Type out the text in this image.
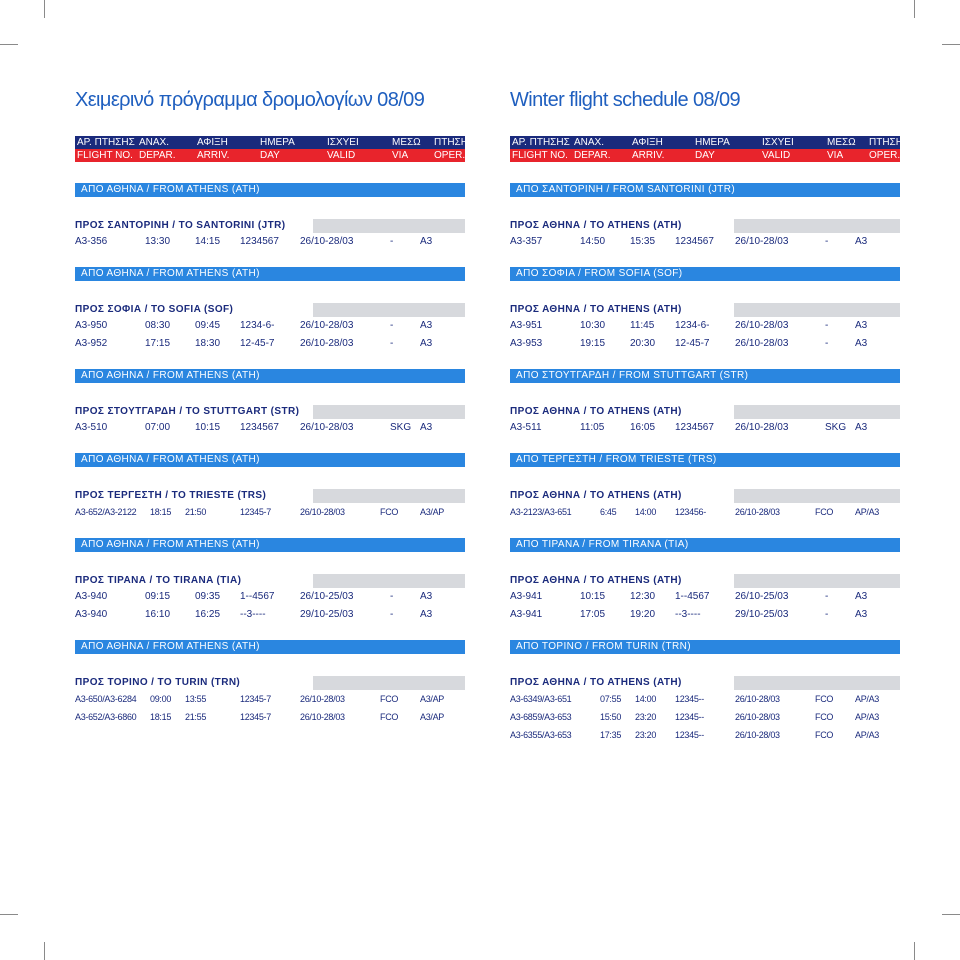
Χειμερινό πρόγραμμα δρομολογίων 08/09
ΑΡ. ΠΤΗΣΗΣ ΑΝΑΧ.	ΑΦΙΞΗ	ΗΜΕΡΑ	ΙΣΧΥΕΙ	ΜΕΣΩ ΠΤΗΣΗ
FLIGHT NO. DEPAR. ARRIV.	DAY	VALID	VIA	OPER.
ΑΠΟ ΑΘΗΝΑ / FROM ATHENS (ATH)
ΠΡΟΣ ΣΑΝΤΟΡΙΝΗ / TO SANTORINI (JTR)
A3-356	13:30 14:15 1234567 26/10-28/03	-	A3
ΑΠΟ ΑΘΗΝΑ / FROM ATHENS (ATH)
ΠΡΟΣ ΣΟΦΙΑ / TO SOFIA (SOF)
A3-950	08:30 09:45 1234-6-	26/10-28/03	-	A3
A3-952	17:15 18:30 12-45-7	26/10-28/03	-	A3
ΑΠΟ ΑΘΗΝΑ / FROM ATHENS (ATH)
ΠΡΟΣ ΣΤΟΥΤΓΑΡΔΗ / TO STUTTGART (STR)
A3-510	07:00 10:15 1234567 26/10-28/03	SKG A3
ΑΠΟ ΑΘΗΝΑ / FROM ATHENS (ATH)
ΠΡΟΣ ΤΕΡΓΕΣΤΗ / TO TRIESTE (TRS)
A3-652/A3-2122 18:15 21:50	12345-7	26/10-28/03	FCO A3/AP
ΑΠΟ ΑΘΗΝΑ / FROM ATHENS (ATH)
ΠΡΟΣ ΤΙΡΑΝΑ / TO TIRANA (TIA)
A3-940	09:15 09:35 1--4567	26/10-25/03	-	A3
A3-940	16:10 16:25 --3----	29/10-25/03	-	A3
ΑΠΟ ΑΘΗΝΑ / FROM ATHENS (ATH)
ΠΡΟΣ ΤΟΡΙΝΟ / TO TURIN (TRN)
A3-650/A3-6284 09:00 13:55	12345-7	26/10-28/03	FCO A3/AP
A3-652/A3-6860 18:15 21:55	12345-7	26/10-28/03	FCO A3/AP
Winter flight schedule 08/09
ΑΡ. ΠΤΗΣΗΣ ΑΝΑΧ.	ΑΦΙΞΗ	ΗΜΕΡΑ	ΙΣΧΥΕΙ	ΜΕΣΩ ΠΤΗΣΗ
FLIGHT NO. DEPAR. ARRIV.	DAY	VALID	VIA	OPER.
ΑΠΟ ΣΑΝΤΟΡΙΝΗ / FROM SANTORINI (JTR)
ΠΡΟΣ ΑΘΗΝΑ / TO ATHENS (ATH)
A3-357	14:50 15:35 1234567 26/10-28/03	-	A3
ΑΠΟ ΣΟΦΙΑ / FROM SOFIA (SOF)
ΠΡΟΣ ΑΘΗΝΑ / TO ATHENS (ATH)
A3-951	10:30 11:45 1234-6-	26/10-28/03	-	A3
A3-953	19:15 20:30 12-45-7	26/10-28/03	-	A3
ΑΠΟ ΣΤΟΥΤΓΑΡΔΗ / FROM STUTTGART (STR)
ΠΡΟΣ ΑΘΗΝΑ / TO ATHENS (ATH)
A3-511	11:05	16:05 1234567 26/10-28/03	SKG A3
ΑΠΟ ΤΕΡΓΕΣΤΗ / FROM TRIESTE (TRS)
ΠΡΟΣ ΑΘΗΝΑ / TO ATHENS (ATH)
A3-2123/A3-651	6:45 14:00 123456-	26/10-28/03	FCO AP/A3
ΑΠΟ ΤΙΡΑΝΑ / FROM TIRANA (TIA)
ΠΡΟΣ ΑΘΗΝΑ / TO ATHENS (ATH)
A3-941	10:15 12:30 1--4567	26/10-25/03	-	A3
A3-941	17:05 19:20 --3----	29/10-25/03	-	A3
ΑΠΟ ΤΟΡΙΝΟ / FROM TURIN (TRN)
ΠΡΟΣ ΑΘΗΝΑ / TO ATHENS (ATH)
A3-6349/A3-651	07:55 14:00 12345--	26/10-28/03	FCO AP/A3
A3-6859/A3-653	15:50 23:20 12345--	26/10-28/03	FCO AP/A3
A3-6355/A3-653	17:35 23:20 12345--	26/10-28/03	FCO AP/A3
